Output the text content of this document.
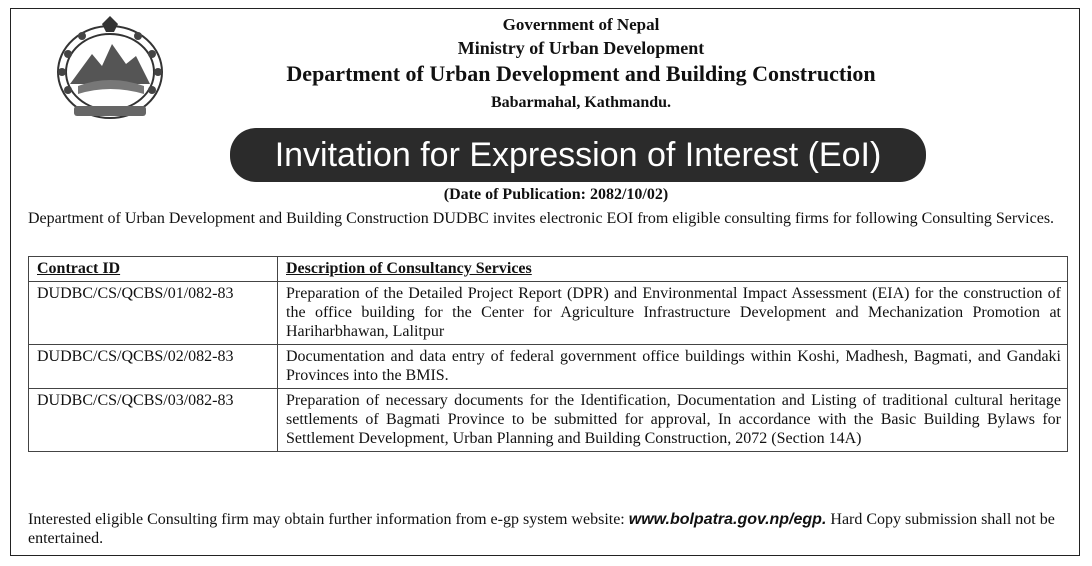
Government of Nepal
Ministry of Urban Development
Department of Urban Development and Building Construction
Babarmahal, Kathmandu.
Invitation for Expression of Interest (EoI)
(Date of Publication: 2082/10/02)
Department of Urban Development and Building Construction DUDBC invites electronic EOI from eligible consulting firms for following Consulting Services.
Contract ID	Description of Consultancy Services
DUDBC/CS/QCBS/01/082-83	Preparation of the Detailed Project Report (DPR) and Environmental Impact Assessment (EIA) for the construction of the office building for the Center for Agriculture Infrastructure Development and Mechanization Promotion at Hariharbhawan, Lalitpur
DUDBC/CS/QCBS/02/082-83	Documentation and data entry of federal government office buildings within Koshi, Madhesh, Bagmati, and Gandaki Provinces into the BMIS.
DUDBC/CS/QCBS/03/082-83	Preparation of necessary documents for the Identification, Documentation and Listing of traditional cultural heritage settlements of Bagmati Province to be submitted for approval, In accordance with the Basic Building Bylaws for Settlement Development, Urban Planning and Building Construction, 2072 (Section 14A)
Interested eligible Consulting firm may obtain further information from e-gp system website: www.bolpatra.gov.np/egp. Hard Copy submission shall not be entertained.
